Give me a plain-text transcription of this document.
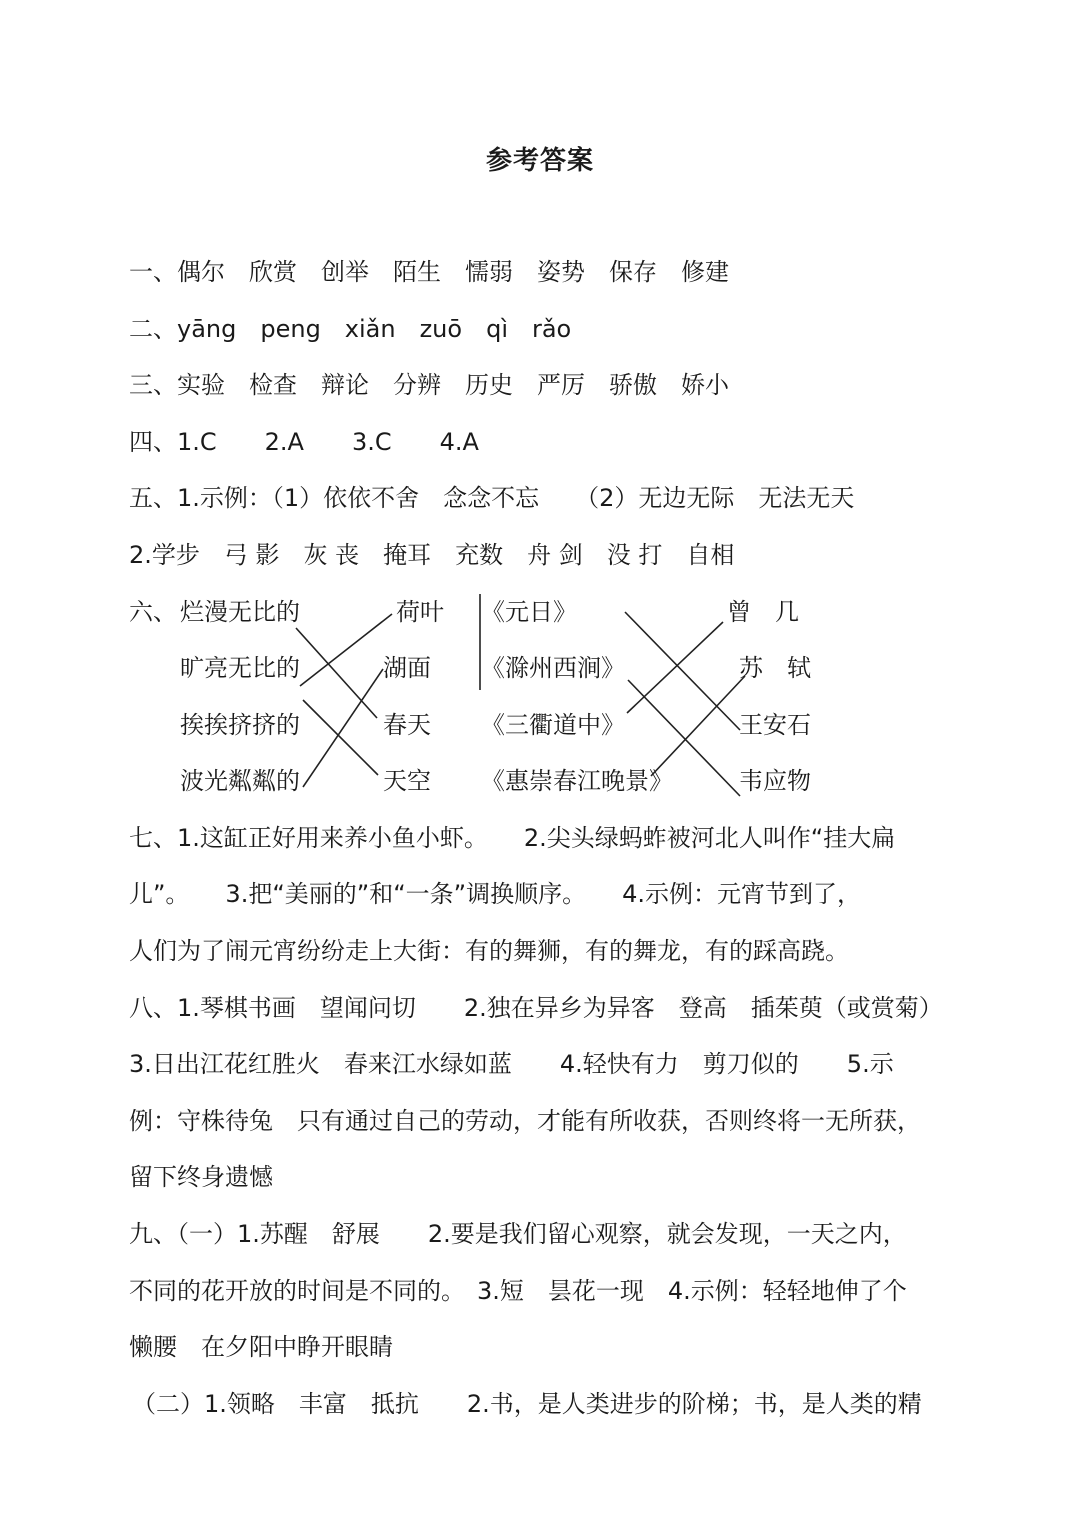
参考答案
一、偶尔　欣赏　创举　陌生　懦弱　姿势　保存　修建
二、yāng　peng　xiǎn　zuō　qì　rǎo
三、实验　检查　辩论　分辨　历史　严厉　骄傲　娇小
四、1.C　　2.A　　3.C　　4.A
五、1.示例：（1）依依不舍　念念不忘　　（2）无边无际　无法无天
2.学步　弓 影　灰 丧　掩耳　充数　舟 剑　没 打　自相
六、 烂漫无比的
旷亮无比的
挨挨挤挤的
波光粼粼的
荷叶
湖面
春天
天空
《元日》
《滁州西涧》
《三衢道中》
《惠崇春江晚景》
曾　几
苏　轼
王安石
韦应物
七、1.这缸正好用来养小鱼小虾。　　2.尖头绿蚂蚱被河北人叫作“挂大扁
儿”。　　3.把“美丽的”和“一条”调换顺序。　　4.示例：元宵节到了，
人们为了闹元宵纷纷走上大街：有的舞狮，有的舞龙，有的踩高跷。
八、1.琴棋书画　望闻问切　　2.独在异乡为异客　登高　插茱萸（或赏菊）
3.日出江花红胜火　春来江水绿如蓝　　4.轻快有力　剪刀似的　　5.示
例：守株待兔　只有通过自己的劳动，才能有所收获，否则终将一无所获，
留下终身遗憾
九、（一）1.苏醒　舒展　　2.要是我们留心观察，就会发现，一天之内，
不同的花开放的时间是不同的。　3.短　昙花一现　4.示例：轻轻地伸了个
懒腰　在夕阳中睁开眼睛
（二）1.领略　丰富　抵抗　　2.书，是人类进步的阶梯；书，是人类的精
